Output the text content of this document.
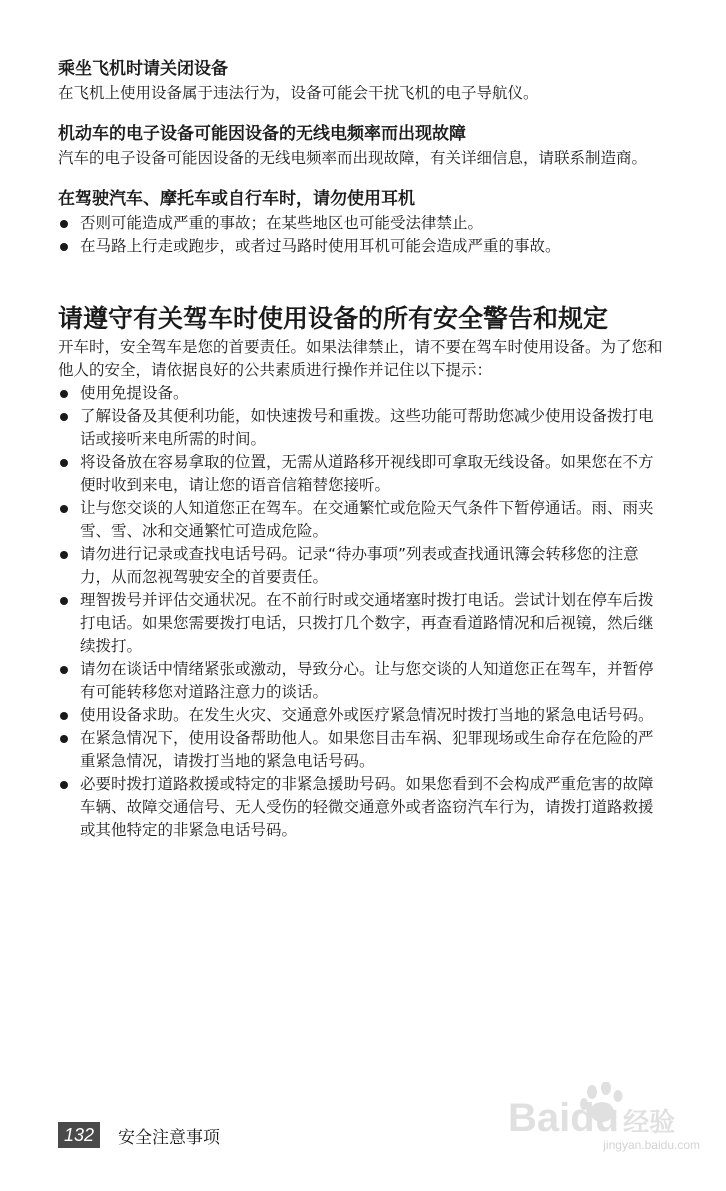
乘坐飞机时请关闭设备

在飞机上使用设备属于违法行为，设备可能会干扰飞机的电子导航仪。

机动车的电子设备可能因设备的无线电频率而出现故障

汽车的电子设备可能因设备的无线电频率而出现故障，有关详细信息，请联系制造商。

在驾驶汽车、摩托车或自行车时，请勿使用耳机
否则可能造成严重的事故；在某些地区也可能受法律禁止。
在马路上行走或跑步，或者过马路时使用耳机可能会造成严重的事故。
请遵守有关驾车时使用设备的所有安全警告和规定

开车时，安全驾车是您的首要责任。如果法律禁止，请不要在驾车时使用设备。为了您和他人的安全，请依据良好的公共素质进行操作并记住以下提示：

使用免提设备。
了解设备及其便利功能，如快速拨号和重拨。这些功能可帮助您减少使用设备拨打电话或接听来电所需的时间。
将设备放在容易拿取的位置，无需从道路移开视线即可拿取无线设备。如果您在不方便时收到来电，请让您的语音信箱替您接听。
让与您交谈的人知道您正在驾车。在交通繁忙或危险天气条件下暂停通话。雨、雨夹雪、雪、冰和交通繁忙可造成危险。
请勿进行记录或查找电话号码。记录“待办事项”列表或查找通讯簿会转移您的注意力，从而忽视驾驶安全的首要责任。
理智拨号并评估交通状况。在不前行时或交通堵塞时拨打电话。尝试计划在停车后拨打电话。如果您需要拨打电话，只拨打几个数字，再查看道路情况和后视镜，然后继续拨打。
请勿在谈话中情绪紧张或激动，导致分心。让与您交谈的人知道您正在驾车，并暂停有可能转移您对道路注意力的谈话。
使用设备求助。在发生火灾、交通意外或医疗紧急情况时拨打当地的紧急电话号码。
在紧急情况下，使用设备帮助他人。如果您目击车祸、犯罪现场或生命存在危险的严重紧急情况，请拨打当地的紧急电话号码。
必要时拨打道路救援或特定的非紧急援助号码。如果您看到不会构成严重危害的故障车辆、故障交通信号、无人受伤的轻微交通意外或者盗窃汽车行为，请拨打道路救援或其他特定的非紧急电话号码。
132	安全注意事项	Baidu 经验
jingyan.baidu.com
